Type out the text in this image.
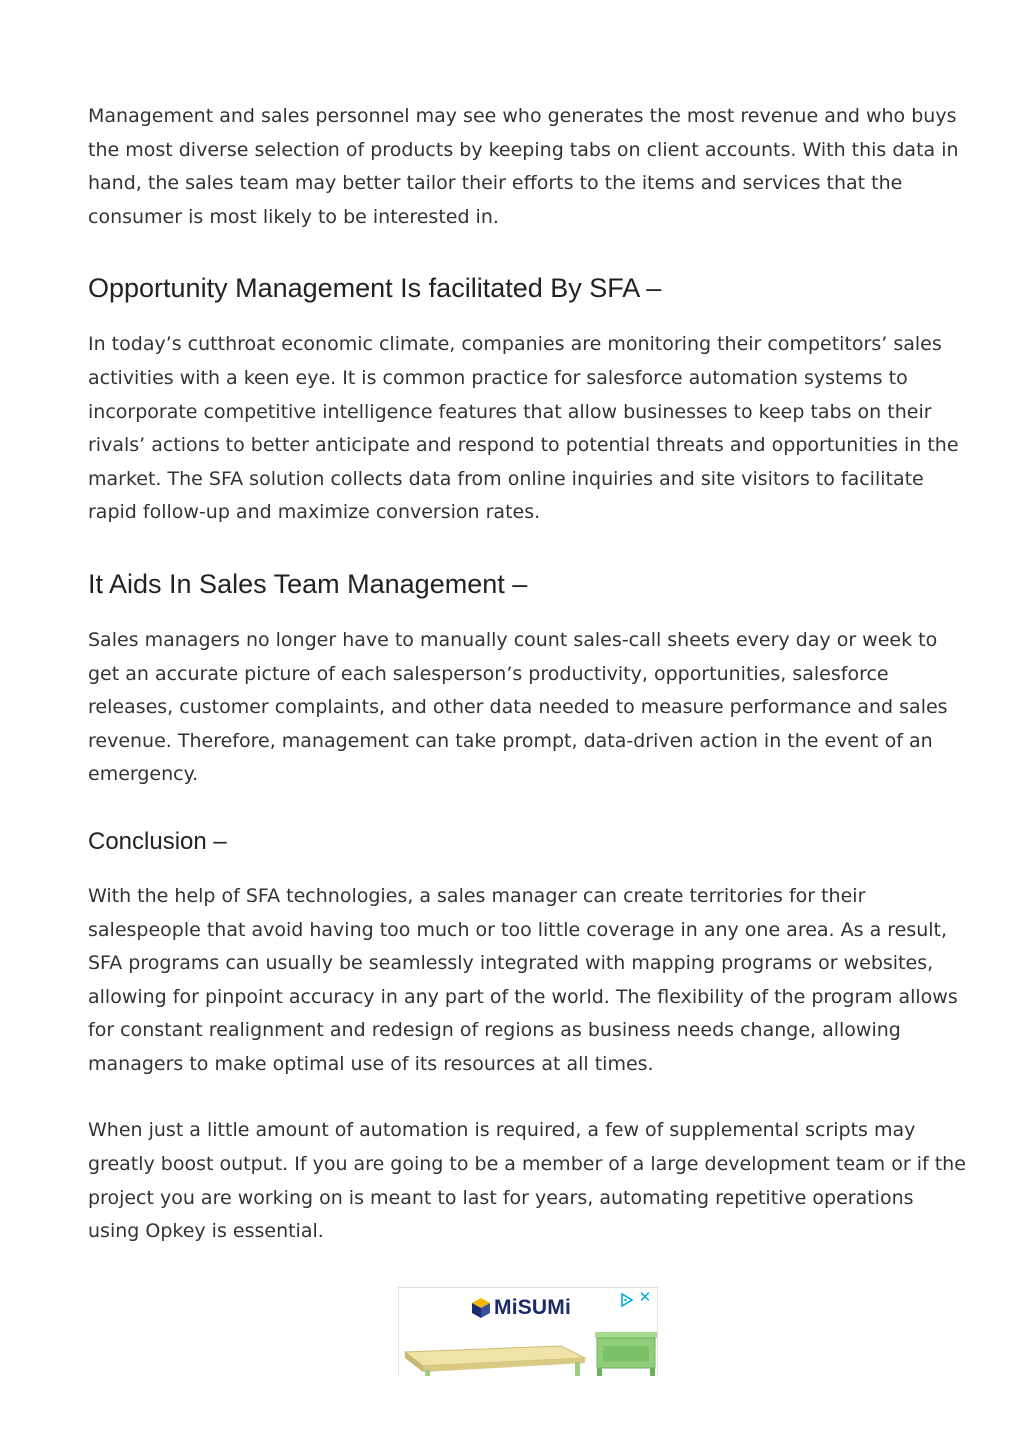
Management and sales personnel may see who generates the most revenue and who buys the most diverse selection of products by keeping tabs on client accounts. With this data in hand, the sales team may better tailor their efforts to the items and services that the consumer is most likely to be interested in.

Opportunity Management Is facilitated By SFA –

In today’s cutthroat economic climate, companies are monitoring their competitors’ sales activities with a keen eye. It is common practice for salesforce automation systems to incorporate competitive intelligence features that allow businesses to keep tabs on their rivals’ actions to better anticipate and respond to potential threats and opportunities in the market. The SFA solution collects data from online inquiries and site visitors to facilitate rapid follow-up and maximize conversion rates.

It Aids In Sales Team Management –

Sales managers no longer have to manually count sales-call sheets every day or week to get an accurate picture of each salesperson’s productivity, opportunities, salesforce releases, customer complaints, and other data needed to measure performance and sales revenue. Therefore, management can take prompt, data-driven action in the event of an emergency.

Conclusion –

With the help of SFA technologies, a sales manager can create territories for their salespeople that avoid having too much or too little coverage in any one area. As a result, SFA programs can usually be seamlessly integrated with mapping programs or websites, allowing for pinpoint accuracy in any part of the world. The flexibility of the program allows for constant realignment and redesign of regions as business needs change, allowing managers to make optimal use of its resources at all times.

When just a little amount of automation is required, a few of supplemental scripts may greatly boost output. If you are going to be a member of a large development team or if the project you are working on is meant to last for years, automating repetitive operations using Opkey is essential.

MiSUMi	✕
